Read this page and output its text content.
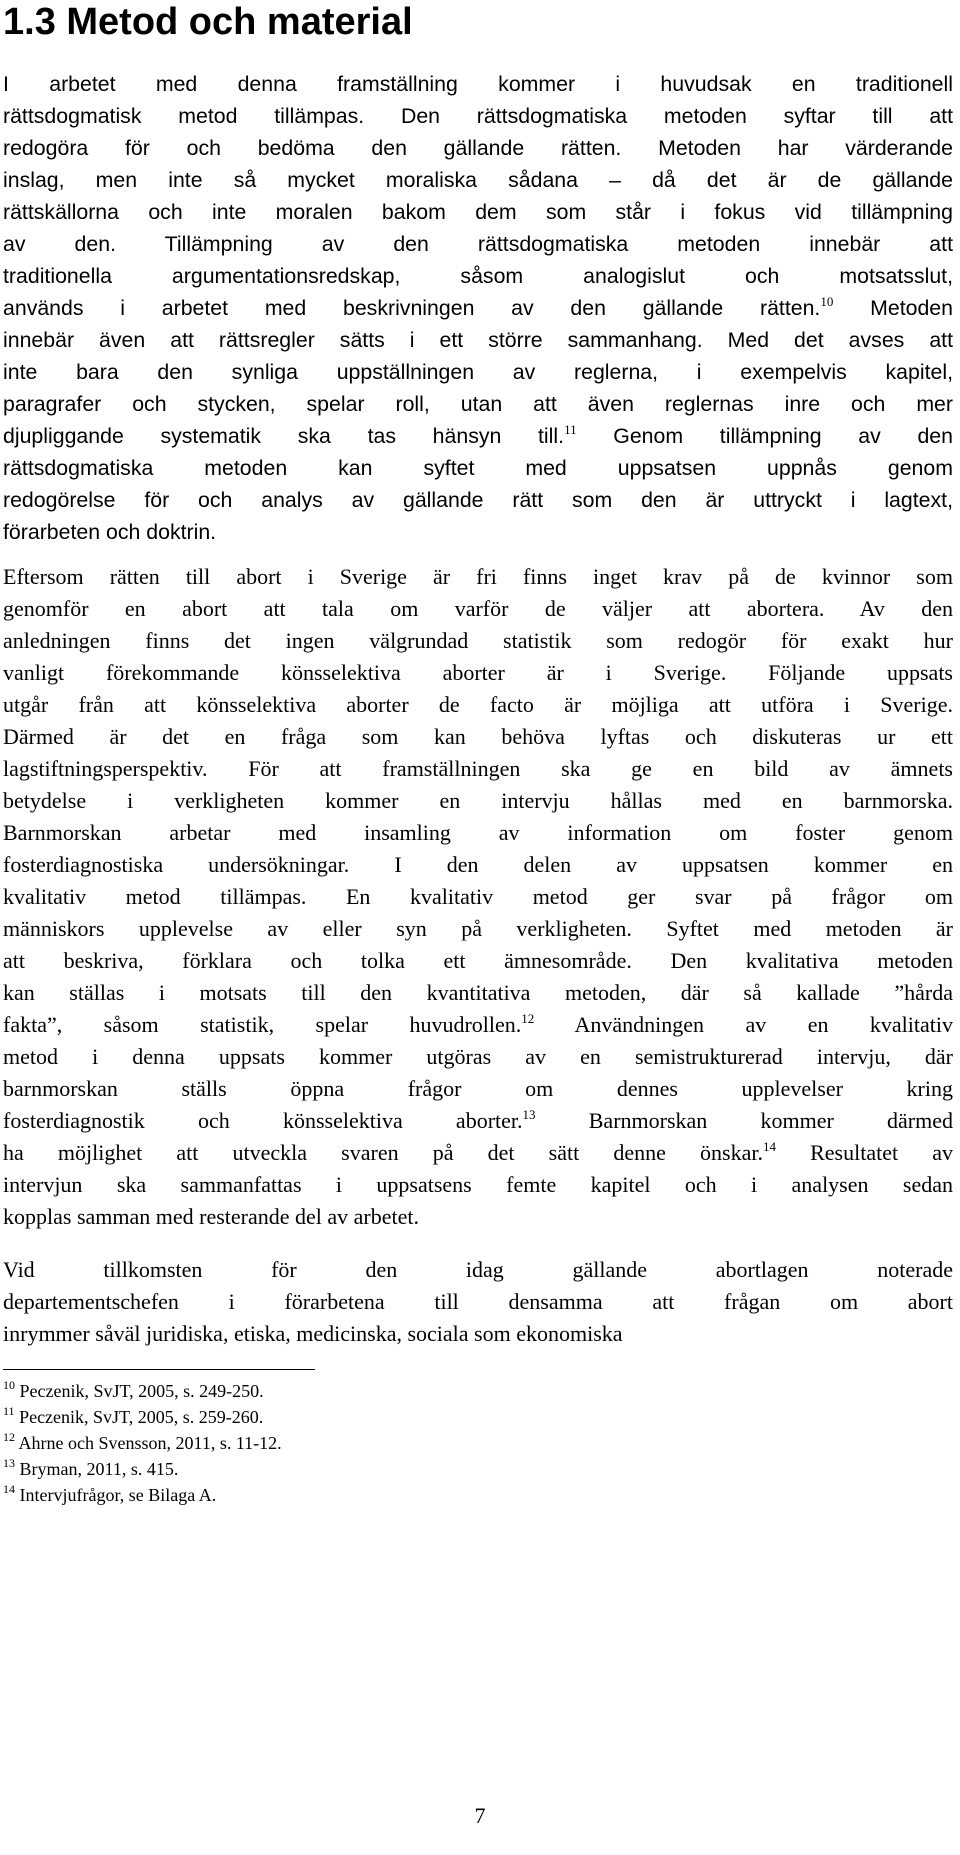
1.3 Metod och material

I arbetet med denna framställning kommer i huvudsak en traditionell
rättsdogmatisk metod tillämpas. Den rättsdogmatiska metoden syftar till att
redogöra för och bedöma den gällande rätten. Metoden har värderande
inslag, men inte så mycket moraliska sådana – då det är de gällande
rättskällorna och inte moralen bakom dem som står i fokus vid tillämpning
av den. Tillämpning av den rättsdogmatiska metoden innebär att
traditionella argumentationsredskap, såsom analogislut och motsatsslut,
används i arbetet med beskrivningen av den gällande rätten.$^{10}$ Metoden
innebär även att rättsregler sätts i ett större sammanhang. Med det avses att
inte bara den synliga uppställningen av reglerna, i exempelvis kapitel,
paragrafer och stycken, spelar roll, utan att även reglernas inre och mer
djupliggande systematik ska tas hänsyn till.$^{11}$ Genom tillämpning av den
rättsdogmatiska metoden kan syftet med uppsatsen uppnås genom
redogörelse för och analys av gällande rätt som den är uttryckt i lagtext,
förarbeten och doktrin.

Eftersom rätten till abort i Sverige är fri finns inget krav på de kvinnor som
genomför en abort att tala om varför de väljer att abortera. Av den
anledningen finns det ingen välgrundad statistik som redogör för exakt hur
vanligt förekommande könsselektiva aborter är i Sverige. Följande uppsats
utgår från att könsselektiva aborter de facto är möjliga att utföra i Sverige.
Därmed är det en fråga som kan behöva lyftas och diskuteras ur ett
lagstiftningsperspektiv. För att framställningen ska ge en bild av ämnets
betydelse i verkligheten kommer en intervju hållas med en barnmorska.
Barnmorskan arbetar med insamling av information om foster genom
fosterdiagnostiska undersökningar. I den delen av uppsatsen kommer en
kvalitativ metod tillämpas. En kvalitativ metod ger svar på frågor om
människors upplevelse av eller syn på verkligheten. Syftet med metoden är
att beskriva, förklara och tolka ett ämnesområde. Den kvalitativa metoden
kan ställas i motsats till den kvantitativa metoden, där så kallade ”hårda
fakta”, såsom statistik, spelar huvudrollen.$^{12}$ Användningen av en kvalitativ
metod i denna uppsats kommer utgöras av en semistrukturerad intervju, där
barnmorskan ställs öppna frågor om dennes upplevelser kring
fosterdiagnostik och könsselektiva aborter.$^{13}$ Barnmorskan kommer därmed
ha möjlighet att utveckla svaren på det sätt denne önskar.$^{14}$ Resultatet av
intervjun ska sammanfattas i uppsatsens femte kapitel och i analysen sedan
kopplas samman med resterande del av arbetet.

Vid tillkomsten för den idag gällande abortlagen noterade
departementschefen i förarbetena till densamma att frågan om abort
inrymmer såväl juridiska, etiska, medicinska, sociala som ekonomiska

$^{10}$ Peczenik, SvJT, 2005, s. 249-250.
$^{11}$ Peczenik, SvJT, 2005, s. 259-260.
$^{12}$ Ahrne och Svensson, 2011, s. 11-12.
$^{13}$ Bryman, 2011, s. 415.
$^{14}$ Intervjufrågor, se Bilaga A.
7
